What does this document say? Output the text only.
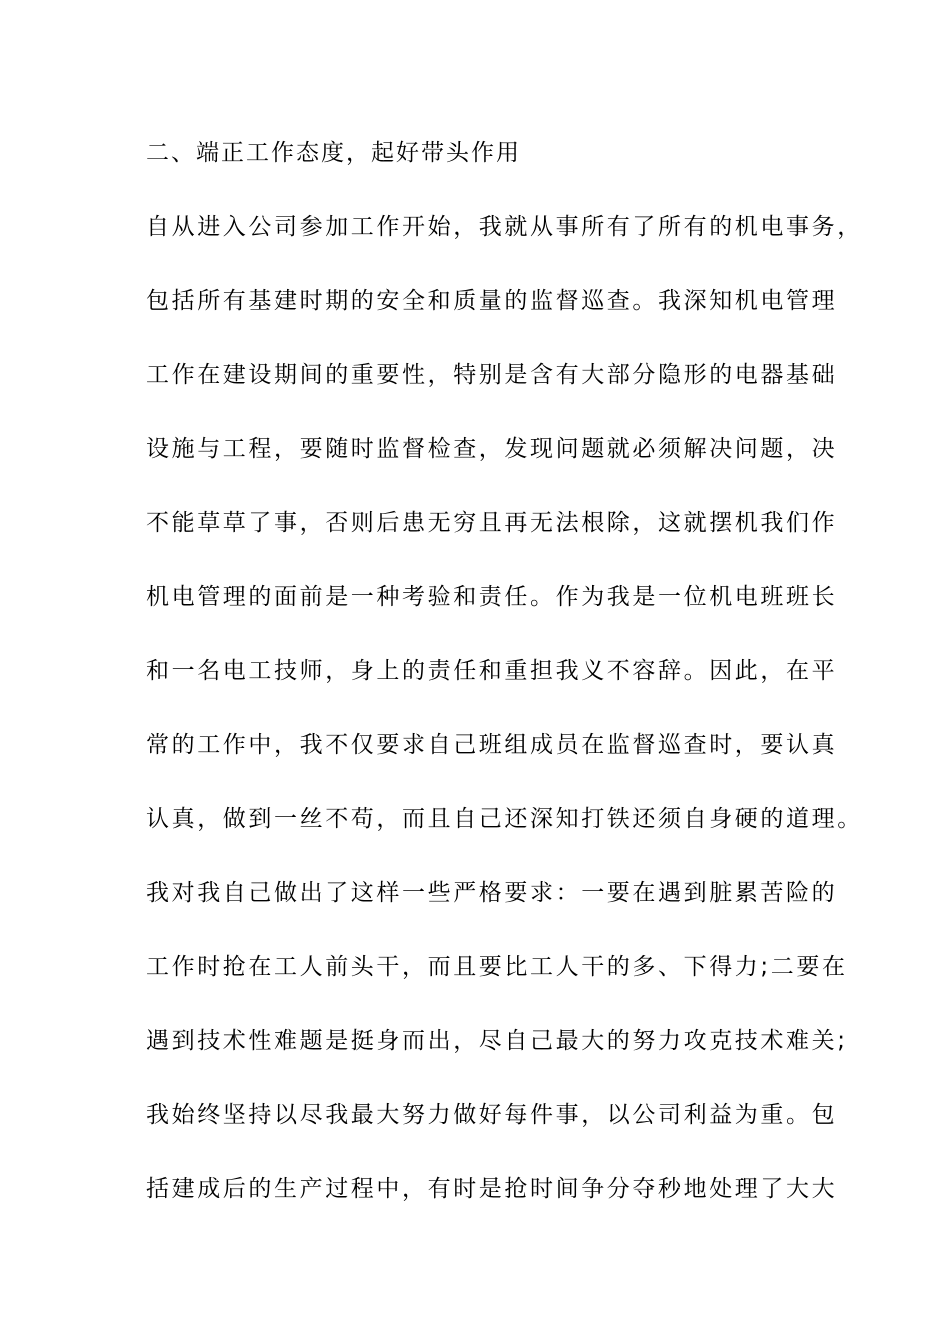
二、端正工作态度，起好带头作用
自从进入公司参加工作开始，我就从事所有了所有的机电事务，
包括所有基建时期的安全和质量的监督巡查。我深知机电管理
工作在建设期间的重要性，特别是含有大部分隐形的电器基础
设施与工程，要随时监督检查，发现问题就必须解决问题，决
不能草草了事，否则后患无穷且再无法根除，这就摆机我们作
机电管理的面前是一种考验和责任。作为我是一位机电班班长
和一名电工技师，身上的责任和重担我义不容辞。因此，在平
常的工作中，我不仅要求自己班组成员在监督巡查时，要认真
认真，做到一丝不苟，而且自己还深知打铁还须自身硬的道理。
我对我自己做出了这样一些严格要求：一要在遇到脏累苦险的
工作时抢在工人前头干，而且要比工人干的多、下得力;二要在
遇到技术性难题是挺身而出，尽自己最大的努力攻克技术难关;
我始终坚持以尽我最大努力做好每件事，以公司利益为重。包
括建成后的生产过程中，有时是抢时间争分夺秒地处理了大大
